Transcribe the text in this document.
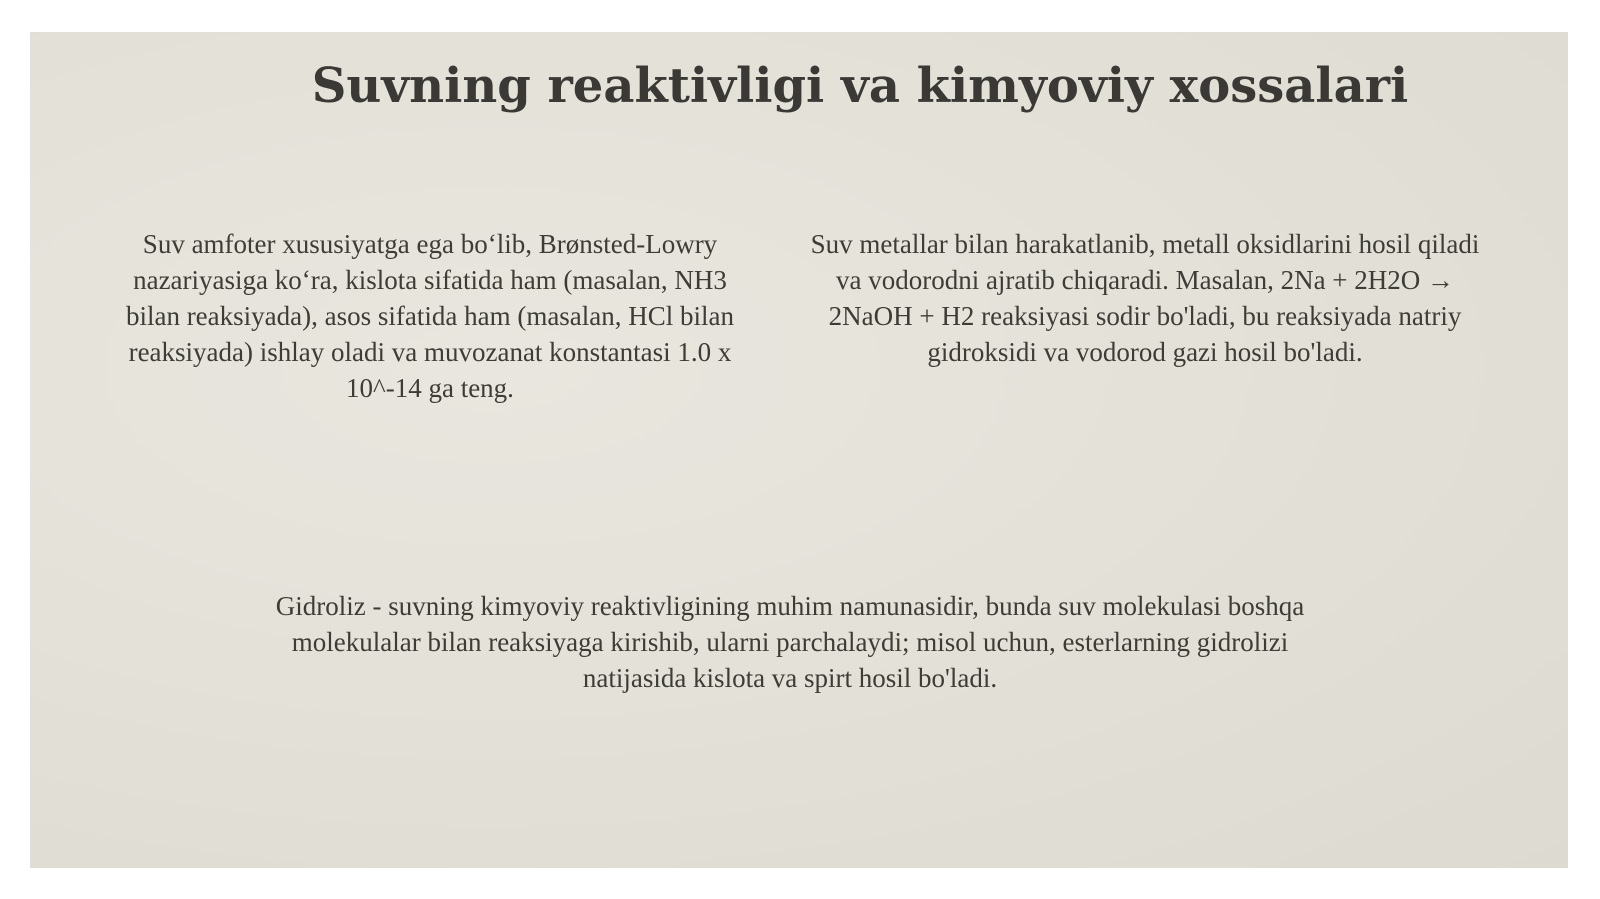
Suvning reaktivligi va kimyoviy xossalari

Suv amfoter xususiyatga ega bo‘lib, Brønsted-Lowry nazariyasiga ko‘ra, kislota sifatida ham (masalan, NH3 bilan reaksiyada), asos sifatida ham (masalan, HCl bilan reaksiyada) ishlay oladi va muvozanat konstantasi 1.0 x 10^-14 ga teng.

Suv metallar bilan harakatlanib, metall oksidlarini hosil qiladi va vodorodni ajratib chiqaradi. Masalan, 2Na + 2H2O → 2NaOH + H2 reaksiyasi sodir bo'ladi, bu reaksiyada natriy gidroksidi va vodorod gazi hosil bo'ladi.

Gidroliz - suvning kimyoviy reaktivligining muhim namunasidir, bunda suv molekulasi boshqa molekulalar bilan reaksiyaga kirishib, ularni parchalaydi; misol uchun, esterlarning gidrolizi natijasida kislota va spirt hosil bo'ladi.
